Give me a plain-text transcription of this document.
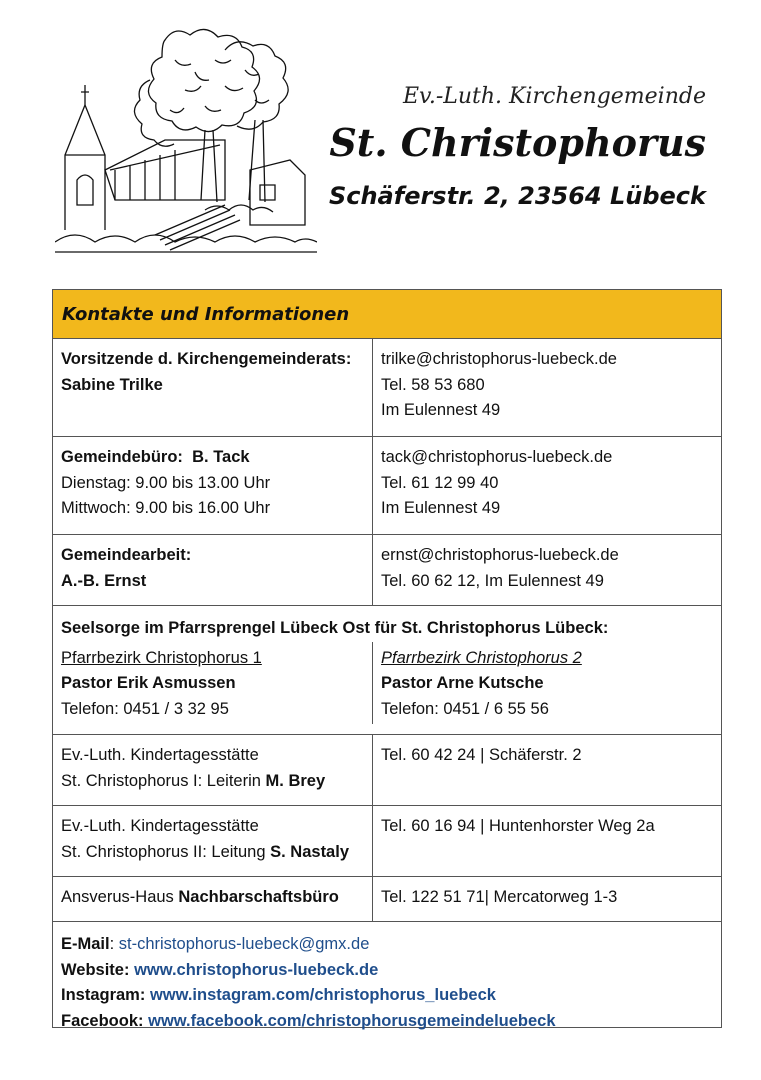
Ev.-Luth. Kirchengemeinde
St. Christophorus
Schäferstr. 2, 23564 Lübeck
Kontakte und Informationen
Vorsitzende d. Kirchengemeinderats:
Sabine Trilke
trilke@christophorus-luebeck.de
Tel. 58 53 680
Im Eulennest 49
Gemeindebüro: B. Tack
Dienstag: 9.00 bis 13.00 Uhr
Mittwoch: 9.00 bis 16.00 Uhr
tack@christophorus-luebeck.de
Tel. 61 12 99 40
Im Eulennest 49
Gemeindearbeit:
A.-B. Ernst
ernst@christophorus-luebeck.de
Tel. 60 62 12, Im Eulennest 49
Seelsorge im Pfarrsprengel Lübeck Ost für St. Christophorus Lübeck:
Pfarrbezirk Christophorus 1
Pastor Erik Asmussen
Telefon: 0451 / 3 32 95
Pfarrbezirk Christophorus 2
Pastor Arne Kutsche
Telefon: 0451 / 6 55 56
Ev.-Luth. Kindertagesstätte
St. Christophorus I: Leiterin M. Brey
Tel. 60 42 24 | Schäferstr. 2
Ev.-Luth. Kindertagesstätte
St. Christophorus II: Leitung S. Nastaly
Tel. 60 16 94 | Huntenhorster Weg 2a
Ansverus-Haus Nachbarschaftsbüro	Tel. 122 51 71| Mercatorweg 1-3
E-Mail: st-christophorus-luebeck@gmx.de
Website: www.christophorus-luebeck.de
Instagram: www.instagram.com/christophorus_luebeck
Facebook: www.facebook.com/christophorusgemeindeluebeck
